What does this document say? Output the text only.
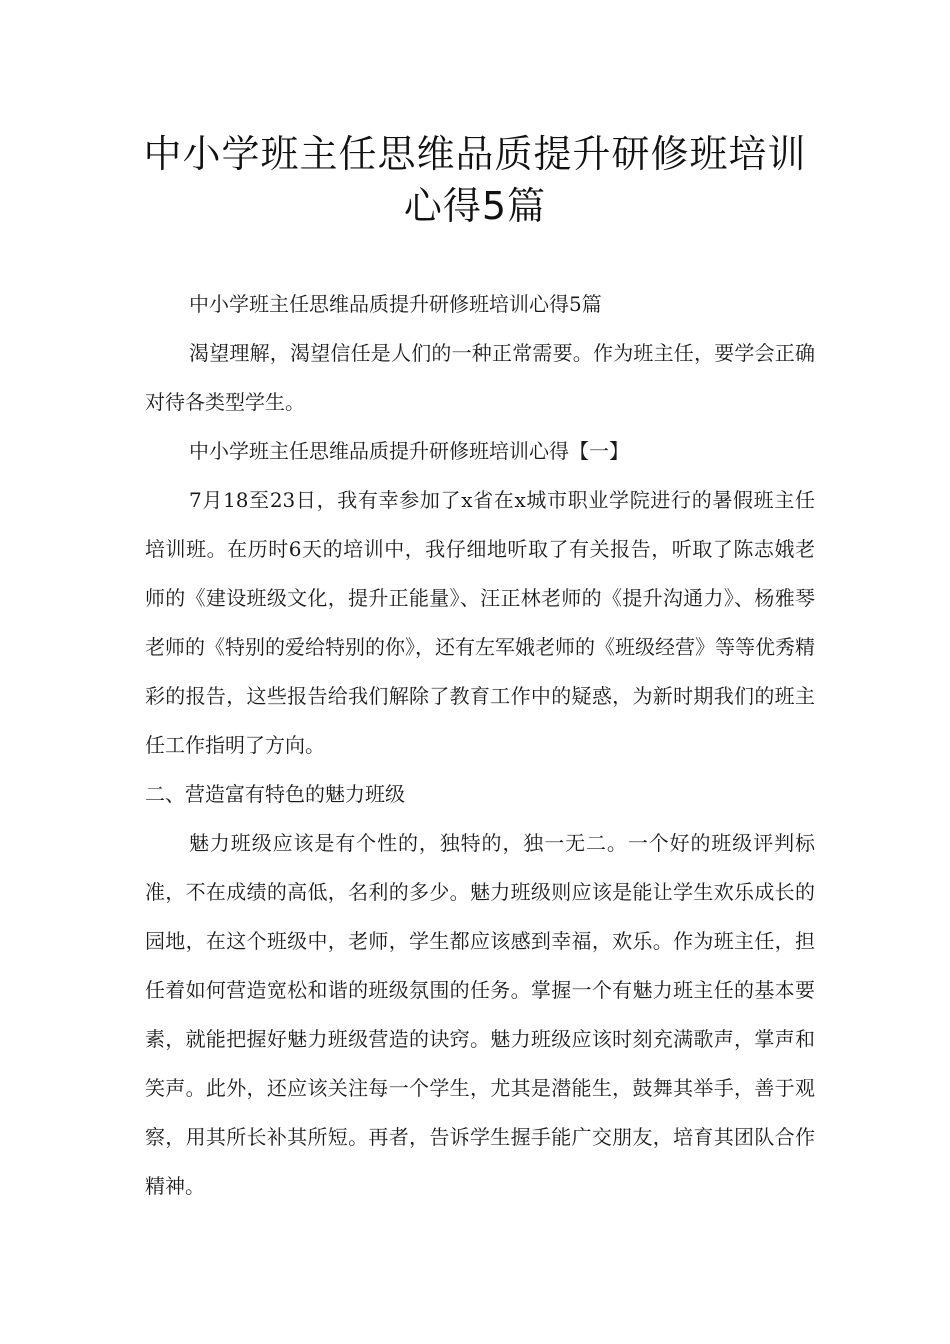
中小学班主任思维品质提升研修班培训
心得5篇

中小学班主任思维品质提升研修班培训心得5篇

渴望理解，渴望信任是人们的一种正常需要。作为班主任，要学会正确对待各类型学生。

中小学班主任思维品质提升研修班培训心得【一】

7月18至23日，我有幸参加了x省在x城市职业学院进行的暑假班主任培训班。在历时6天的培训中，我仔细地听取了有关报告，听取了陈志娥老师的《建设班级文化，提升正能量》、汪正林老师的《提升沟通力》、杨雅琴老师的《特别的爱给特别的你》，还有左军娥老师的《班级经营》等等优秀精彩的报告，这些报告给我们解除了教育工作中的疑惑，为新时期我们的班主任工作指明了方向。

二、营造富有特色的魅力班级

魅力班级应该是有个性的，独特的，独一无二。一个好的班级评判标准，不在成绩的高低，名利的多少。魅力班级则应该是能让学生欢乐成长的园地，在这个班级中，老师，学生都应该感到幸福，欢乐。作为班主任，担任着如何营造宽松和谐的班级氛围的任务。掌握一个有魅力班主任的基本要素，就能把握好魅力班级营造的诀窍。魅力班级应该时刻充满歌声，掌声和笑声。此外，还应该关注每一个学生，尤其是潜能生，鼓舞其举手，善于观察，用其所长补其所短。再者，告诉学生握手能广交朋友，培育其团队合作精神。
